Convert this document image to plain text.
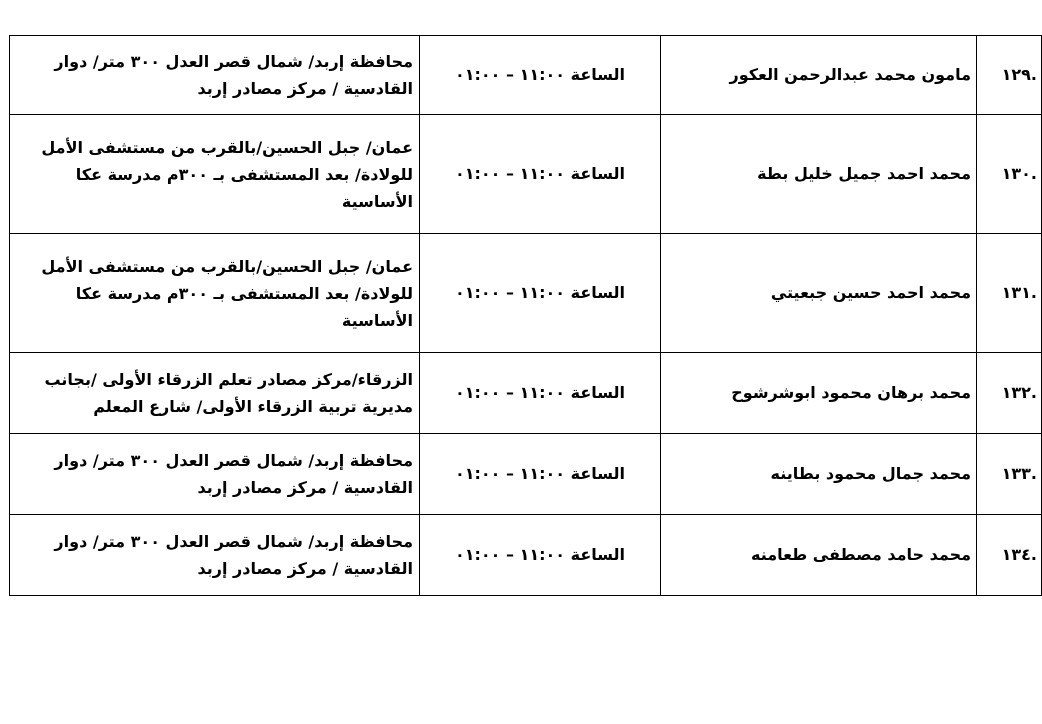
.١٢٩	مامون محمد عبدالرحمن العكور	الساعة ١١:٠٠ – ٠١:٠٠	محافظة إربد/ شمال قصر العدل ٣٠٠ متر/ دوار
القادسية / مركز مصادر إربد

.١٣٠	محمد احمد جميل خليل بطة	الساعة ١١:٠٠ – ٠١:٠٠	عمان/ جبل الحسين/بالقرب من مستشفى الأمل
للولادة/ بعد المستشفى بـ ٣٠٠م مدرسة عكا
الأساسية

.١٣١	محمد احمد حسين جبعيتي	الساعة ١١:٠٠ – ٠١:٠٠	عمان/ جبل الحسين/بالقرب من مستشفى الأمل
للولادة/ بعد المستشفى بـ ٣٠٠م مدرسة عكا
الأساسية

.١٣٢	محمد برهان محمود ابوشرشوح	الساعة ١١:٠٠ – ٠١:٠٠	الزرقاء/مركز مصادر تعلم الزرقاء الأولى /بجانب
مديرية تربية الزرقاء الأولى/ شارع المعلم

.١٣٣	محمد جمال محمود بطاينه	الساعة ١١:٠٠ – ٠١:٠٠	محافظة إربد/ شمال قصر العدل ٣٠٠ متر/ دوار
القادسية / مركز مصادر إربد

.١٣٤	محمد حامد مصطفى طعامنه	الساعة ١١:٠٠ – ٠١:٠٠	محافظة إربد/ شمال قصر العدل ٣٠٠ متر/ دوار
القادسية / مركز مصادر إربد
